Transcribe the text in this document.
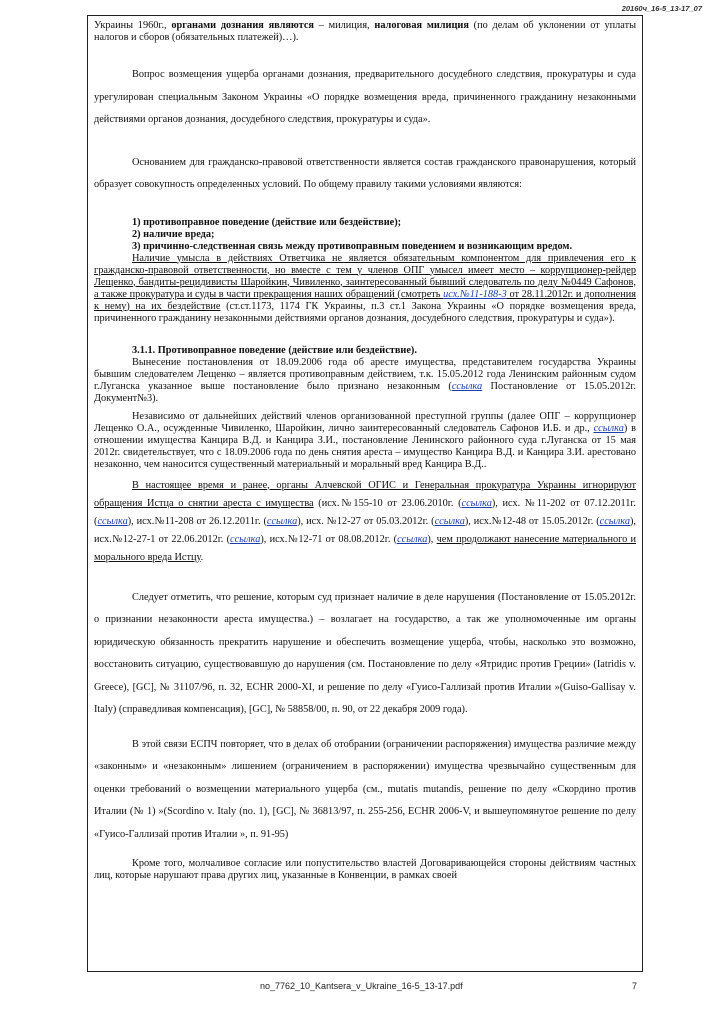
20160ч_16-5_13-17_07

Украины 1960г., органами дознания являются – милиция, налоговая милиция (по делам об уклонении от уплаты налогов и сборов (обязательных платежей)…).

Вопрос возмещения ущерба органами дознания, предварительного досудебного следствия, прокуратуры и суда урегулирован специальным Законом Украины «О порядке возмещения вреда, причиненного гражданину незаконными действиями органов дознания, досудебного следствия, прокуратуры и суда».

Основанием для гражданско-правовой ответственности является состав гражданского правонарушения, который образует совокупность определенных условий. По общему правилу такими условиями являются:

1) противоправное поведение (действие или бездействие);

2) наличие вреда;

3) причинно-следственная связь между противоправным поведением и возникающим вредом.

Наличие умысла в действиях Ответчика не является обязательным компонентом для привлечения его к гражданско-правовой ответственности, но вместе с тем у членов ОПГ умысел имеет место – коррупционер-рейдер Лещенко, бандиты-рецидивисты Шаройкин, Чивиленко, заинтересованный бывший следователь по делу №0449 Сафонов, а также прокуратура и суды в части прекращения наших обращений (смотреть исх.№11-188-3 от 28.11.2012г. и дополнения к нему) на их бездействие (ст.ст.1173, 1174 ГК Украины, п.3 ст.1 Закона Украины «О порядке возмещения вреда, причиненного гражданину незаконными действиями органов дознания, досудебного следствия, прокуратуры и суда»).

3.1.1. Противоправное поведение (действие или бездействие).

Вынесение постановления от 18.09.2006 года об аресте имущества, представителем государства Украины бывшим следователем Лещенко – является противоправным действием, т.к. 15.05.2012 года Ленинским районным судом г.Луганска указанное выше постановление было признано незаконным (ссылка Постановление от 15.05.2012г. Документ№3).

Независимо от дальнейших действий членов организованной преступной группы (далее ОПГ – коррупционер Лещенко О.А., осужденные Чивиленко, Шаройкин, лично заинтересованный следователь Сафонов И.Б. и др., ссылка) в отношении имущества Канцира В.Д. и Канцира З.И., постановление Ленинского районного суда г.Луганска от 15 мая 2012г. свидетельствует, что с 18.09.2006 года по день снятия ареста – имущество Канцира В.Д. и Канцира З.И. арестовано незаконно, чем наносится существенный материальный и моральный вред Канцира В.Д..

В настоящее время и ранее, органы Алчевской ОГИС и Генеральная прокуратура Украины игнорируют обращения Истца о снятии ареста с имущества (исх.№155-10 от 23.06.2010г. (ссылка), исх. №11-202 от 07.12.2011г. (ссылка), исх.№11-208 от 26.12.2011г. (ссылка), исх. №12-27 от 05.03.2012г. (ссылка), исх.№12-48 от 15.05.2012г. (ссылка), исх.№12-27-1 от 22.06.2012г. (ссылка), исх.№12-71 от 08.08.2012г. (ссылка), чем продолжают нанесение материального и морального вреда Истцу.

Следует отметить, что решение, которым суд признает наличие в деле нарушения (Постановление от 15.05.2012г. о признании незаконности ареста имущества.) – возлагает на государство, а так же уполномоченные им органы юридическую обязанность прекратить нарушение и обеспечить возмещение ущерба, чтобы, насколько это возможно, восстановить ситуацию, существовавшую до нарушения (см. Постановление по делу «Ятридис против Греции» (Iatridis v. Greece), [GC], № 31107/96, п. 32, ECHR 2000-XI, и решение по делу «Гуисо-Галлизай против Италии »(Guiso-Gallisay v. Italy) (справедливая компенсация), [GC], № 58858/00, п. 90, от 22 декабря 2009 года).

В этой связи ЕСПЧ повторяет, что в делах об отобрании (ограничении распоряжения) имущества различие между «законным» и «незаконным» лишением (ограничением в распоряжении) имущества чрезвычайно существенным для оценки требований о возмещении материального ущерба (см., mutatis mutandis, решение по делу «Скордино против Италии (№ 1) »(Scordino v. Italy (no. 1), [GC], № 36813/97, п. 255-256, ECHR 2006-V, и вышеупомянутое решение по делу «Гуисо-Галлизай против Италии », п. 91-95)

Кроме того, молчаливое согласие или попустительство властей Договаривающейся стороны действиям частных лиц, которые нарушают права других лиц, указанные в Конвенции, в рамках своей

no_7762_10_Kantsera_v_Ukraine_16-5_13-17.pdf	7
